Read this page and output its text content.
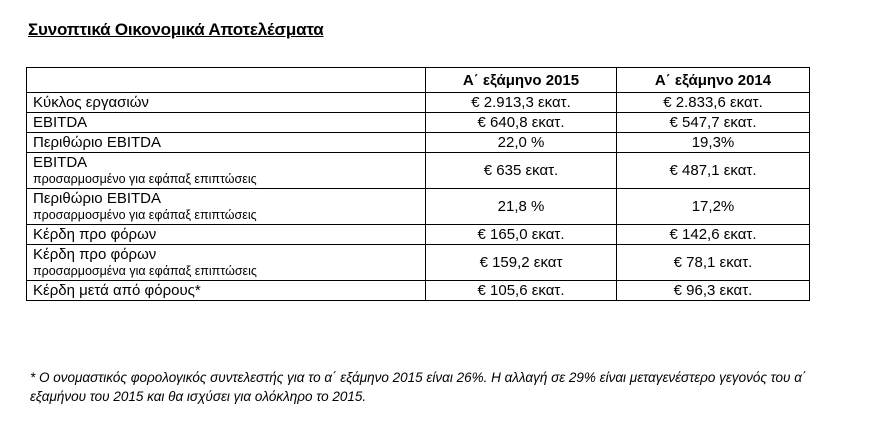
Συνοπτικά Οικονομικά Αποτελέσματα
	Α΄ εξάμηνο 2015	Α΄ εξάμηνο 2014

Κύκλος εργασιών	€ 2.913,3 εκατ.	€ 2.833,6 εκατ.

EBITDA	€ 640,8 εκατ.	€ 547,7 εκατ.

Περιθώριο EBITDA	22,0 %	19,3%

EBITDA
προσαρμοσμένο για εφάπαξ επιπτώσεις	€ 635 εκατ.	€ 487,1 εκατ.

Περιθώριο EBITDA
προσαρμοσμένο για εφάπαξ επιπτώσεις	21,8 %	17,2%

Κέρδη προ φόρων	€ 165,0 εκατ.	€ 142,6 εκατ.

Κέρδη προ φόρων
προσαρμοσμένα για εφάπαξ επιπτώσεις	€ 159,2 εκατ	€ 78,1 εκατ.

Κέρδη μετά από φόρους*	€ 105,6 εκατ.	€ 96,3 εκατ.
* Ο ονομαστικός φορολογικός συντελεστής για το α΄ εξάμηνο 2015 είναι 26%. Η αλλαγή σε 29% είναι μεταγενέστερο γεγονός του α΄ εξαμήνου του 2015 και θα ισχύσει για ολόκληρο το 2015.
